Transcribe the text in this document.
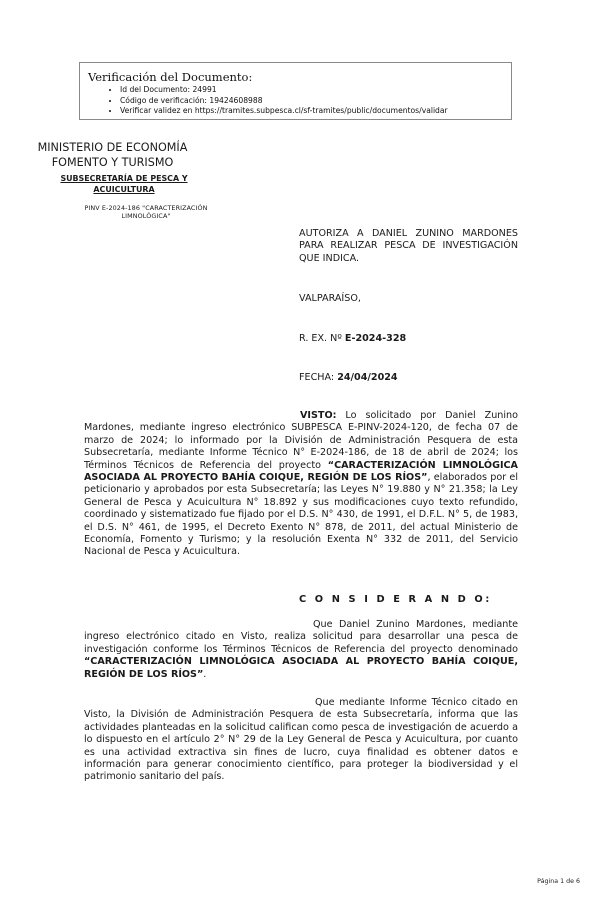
Verificación del Documento:
• Id del Documento: 24991
• Código de verificación: 19424608988
• Verificar validez en https://tramites.subpesca.cl/sf-tramites/public/documentos/validar
MINISTERIO DE ECONOMÍA
FOMENTO Y TURISMO
SUBSECRETARÍA DE PESCA Y
ACUICULTURA
PINV E-2024-186 "CARACTERIZACIÓN
LIMNOLÓGICA"
AUTORIZA A DANIEL ZUNINO MARDONES PARA REALIZAR PESCA DE INVESTIGACIÓN QUE INDICA.
VALPARAÍSO,
R. EX. Nº E-2024-328
FECHA: 24/04/2024

VISTO: Lo solicitado por Daniel Zunino Mardones, mediante ingreso electrónico SUBPESCA E-PINV-2024-120, de fecha 07 de marzo de 2024; lo informado por la División de Administración Pesquera de esta Subsecretaría, mediante Informe Técnico N° E-2024-186, de 18 de abril de 2024; los Términos Técnicos de Referencia del proyecto “CARACTERIZACIÓN LIMNOLÓGICA ASOCIADA AL PROYECTO BAHÍA COIQUE, REGIÓN DE LOS RÍOS”, elaborados por el peticionario y aprobados por esta Subsecretaría; las Leyes N° 19.880 y N° 21.358; la Ley General de Pesca y Acuicultura N° 18.892 y sus modificaciones cuyo texto refundido, coordinado y sistematizado fue fijado por el D.S. N° 430, de 1991, el D.F.L. N° 5, de 1983, el D.S. N° 461, de 1995, el Decreto Exento N° 878, de 2011, del actual Ministerio de Economía, Fomento y Turismo; y la resolución Exenta N° 332 de 2011, del Servicio Nacional de Pesca y Acuicultura.

C O N S I D E R A N D O:

Que Daniel Zunino Mardones, mediante ingreso electrónico citado en Visto, realiza solicitud para desarrollar una pesca de investigación conforme los Términos Técnicos de Referencia del proyecto denominado “CARACTERIZACIÓN LIMNOLÓGICA ASOCIADA AL PROYECTO BAHÍA COIQUE, REGIÓN DE LOS RÍOS”.

Que mediante Informe Técnico citado en Visto, la División de Administración Pesquera de esta Subsecretaría, informa que las actividades planteadas en la solicitud califican como pesca de investigación de acuerdo a lo dispuesto en el artículo 2° N° 29 de la Ley General de Pesca y Acuicultura, por cuanto es una actividad extractiva sin fines de lucro, cuya finalidad es obtener datos e información para generar conocimiento científico, para proteger la biodiversidad y el patrimonio sanitario del país.

Página 1 de 6
